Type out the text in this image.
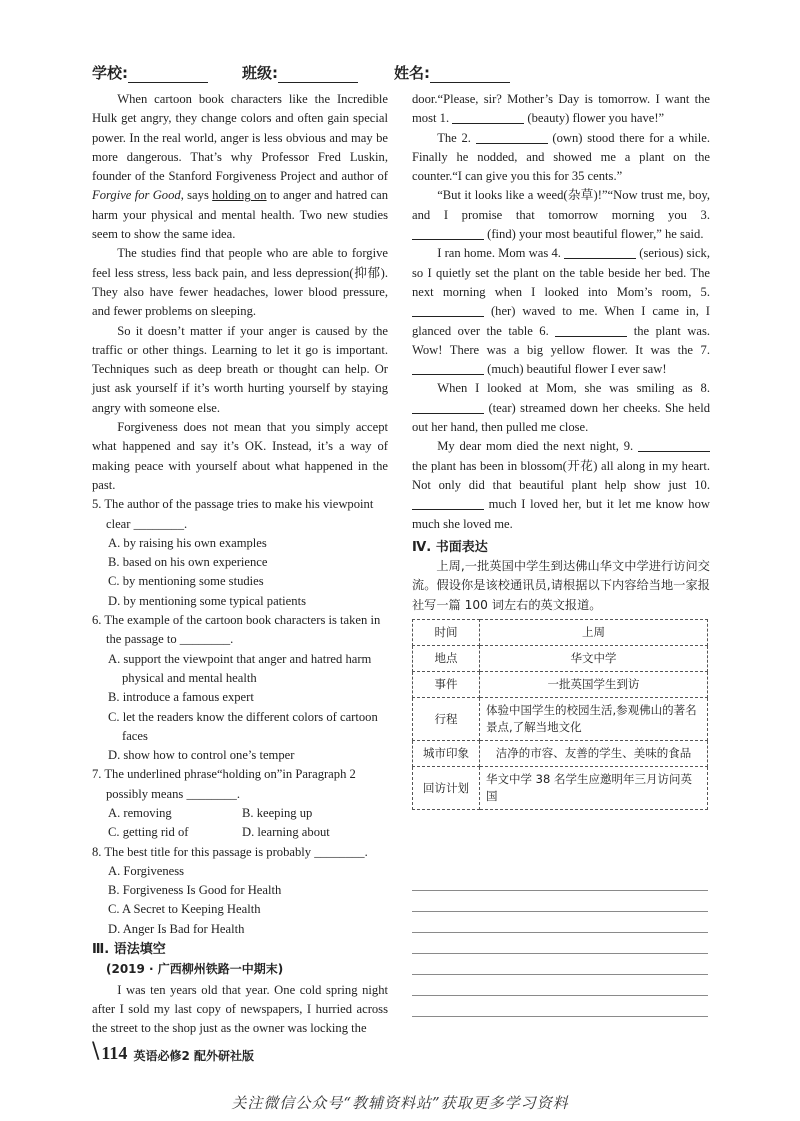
学校:	班级:	姓名:

When cartoon book characters like the Incredible Hulk get angry, they change colors and often gain special power. In the real world, anger is less obvious and may be more dangerous. That’s why Professor Fred Luskin, founder of the Stanford Forgiveness Project and author of Forgive for Good, says holding on to anger and hatred can harm your physical and mental health. Two new studies seem to show the same idea.

The studies find that people who are able to forgive feel less stress, less back pain, and less depression(抑郁). They also have fewer headaches, lower blood pressure, and fewer problems on sleeping.

So it doesn’t matter if your anger is caused by the traffic or other things. Learning to let it go is important. Techniques such as deep breath or thought can help. Or just ask yourself if it’s worth hurting yourself by staying angry with someone else.

Forgiveness does not mean that you simply accept what happened and say it’s OK. Instead, it’s a way of making peace with yourself about what happened in the past.

5. The author of the passage tries to make his viewpoint clear ________.

A. by raising his own examples

B. based on his own experience

C. by mentioning some studies

D. by mentioning some typical patients

6. The example of the cartoon book characters is taken in the passage to ________.

A. support the viewpoint that anger and hatred harm physical and mental health

B. introduce a famous expert

C. let the readers know the different colors of cartoon faces

D. show how to control one’s temper

7. The underlined phrase“holding on”in Paragraph 2 possibly means ________.

A. removing	B. keeping up
C. getting rid of	D. learning about

8. The best title for this passage is probably ________.

A. Forgiveness

B. Forgiveness Is Good for Health

C. A Secret to Keeping Health

D. Anger Is Bad for Health

Ⅲ. 语法填空

(2019 · 广西柳州铁路一中期末)

I was ten years old that year. One cold spring night after I sold my last copy of newspapers, I hurried across the street to the shop just as the owner was locking the

door.“Please, sir? Mother’s Day is tomorrow. I want the most 1.	(beauty) flower you have!”

The 2.	(own) stood there for a while. Finally he nodded, and showed me a plant on the counter.“I can give you this for 35 cents.”

“But it looks like a weed(杂草)!”“Now trust me, boy, and I promise that tomorrow morning you 3.  (find) your most beautiful flower,” he said.

I ran home. Mom was 4.	(serious) sick, so I quietly set the plant on the table beside her bed. The next morning when I looked into Mom’s room, 5.  (her) waved to me. When I came in, I glanced over the table 6.	the plant was. Wow! There was a big yellow flower. It was the 7.  (much) beautiful flower I ever saw!

When I looked at Mom, she was smiling as 8.  (tear) streamed down her cheeks. She held out her hand, then pulled me close.

My dear mom died the next night, 9.  the plant has been in blossom(开花) all along in my heart. Not only did that beautiful plant help show just 10.  much I loved her, but it let me know how much she loved me.

Ⅳ. 书面表达

上周,一批英国中学生到达佛山华文中学进行访问交流。假设你是该校通讯员,请根据以下内容给当地一家报社写一篇 100 词左右的英文报道。

时间	上周
地点	华文中学
事件	一批英国学生到访
行程	体验中国学生的校园生活,参观佛山的著名景点,了解当地文化
城市印象	洁净的市容、友善的学生、美味的食品
回访计划	华文中学 38 名学生应邀明年三月访问英国
\ 114 英语必修2 配外研社版
关注微信公众号“教辅资料站”获取更多学习资料
